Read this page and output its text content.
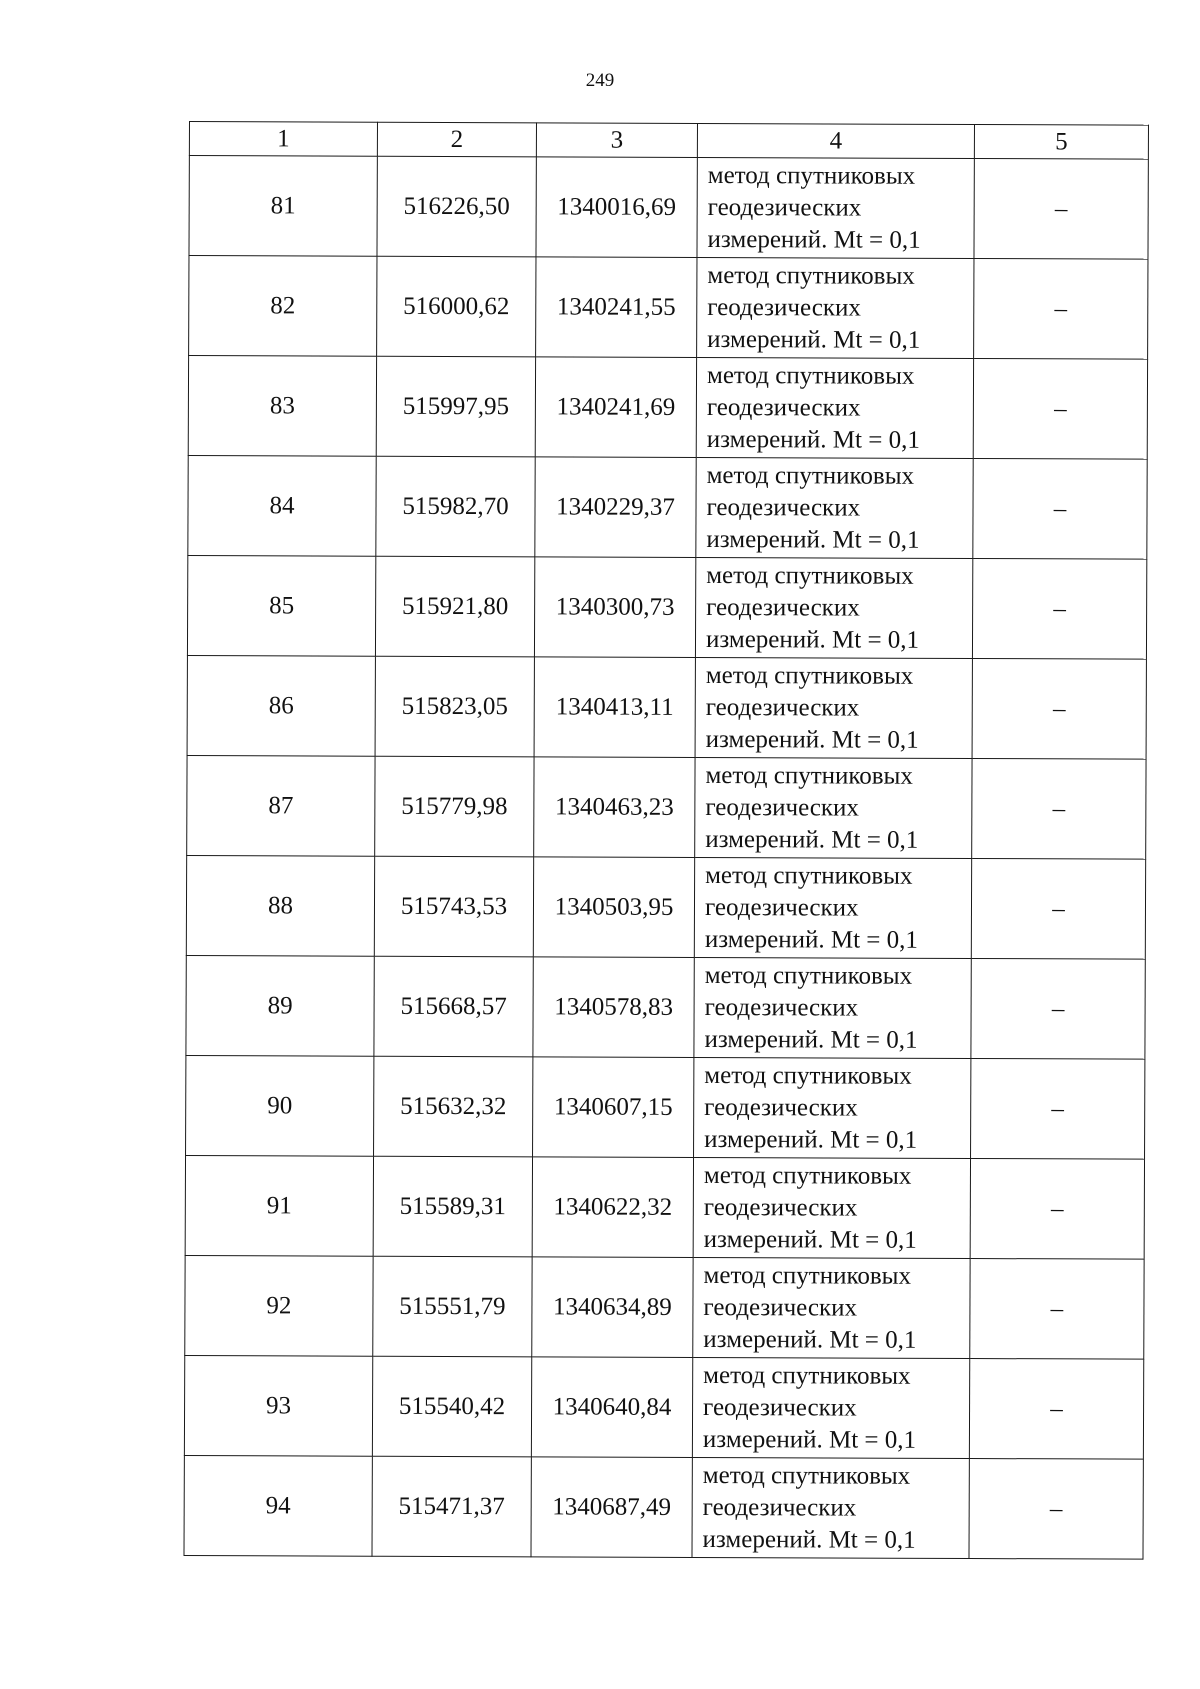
249
1	2	3	4	5
81	516226,50	1340016,69	метод спутниковых
геодезических
измерений. Mt = 0,1	–
82	516000,62	1340241,55	метод спутниковых
геодезических
измерений. Mt = 0,1	–
83	515997,95	1340241,69	метод спутниковых
геодезических
измерений. Mt = 0,1	–
84	515982,70	1340229,37	метод спутниковых
геодезических
измерений. Mt = 0,1	–
85	515921,80	1340300,73	метод спутниковых
геодезических
измерений. Mt = 0,1	–
86	515823,05	1340413,11	метод спутниковых
геодезических
измерений. Mt = 0,1	–
87	515779,98	1340463,23	метод спутниковых
геодезических
измерений. Mt = 0,1	–
88	515743,53	1340503,95	метод спутниковых
геодезических
измерений. Mt = 0,1	–
89	515668,57	1340578,83	метод спутниковых
геодезических
измерений. Mt = 0,1	–
90	515632,32	1340607,15	метод спутниковых
геодезических
измерений. Mt = 0,1	–
91	515589,31	1340622,32	метод спутниковых
геодезических
измерений. Mt = 0,1	–
92	515551,79	1340634,89	метод спутниковых
геодезических
измерений. Mt = 0,1	–
93	515540,42	1340640,84	метод спутниковых
геодезических
измерений. Mt = 0,1	–
94	515471,37	1340687,49	метод спутниковых
геодезических
измерений. Mt = 0,1	–
